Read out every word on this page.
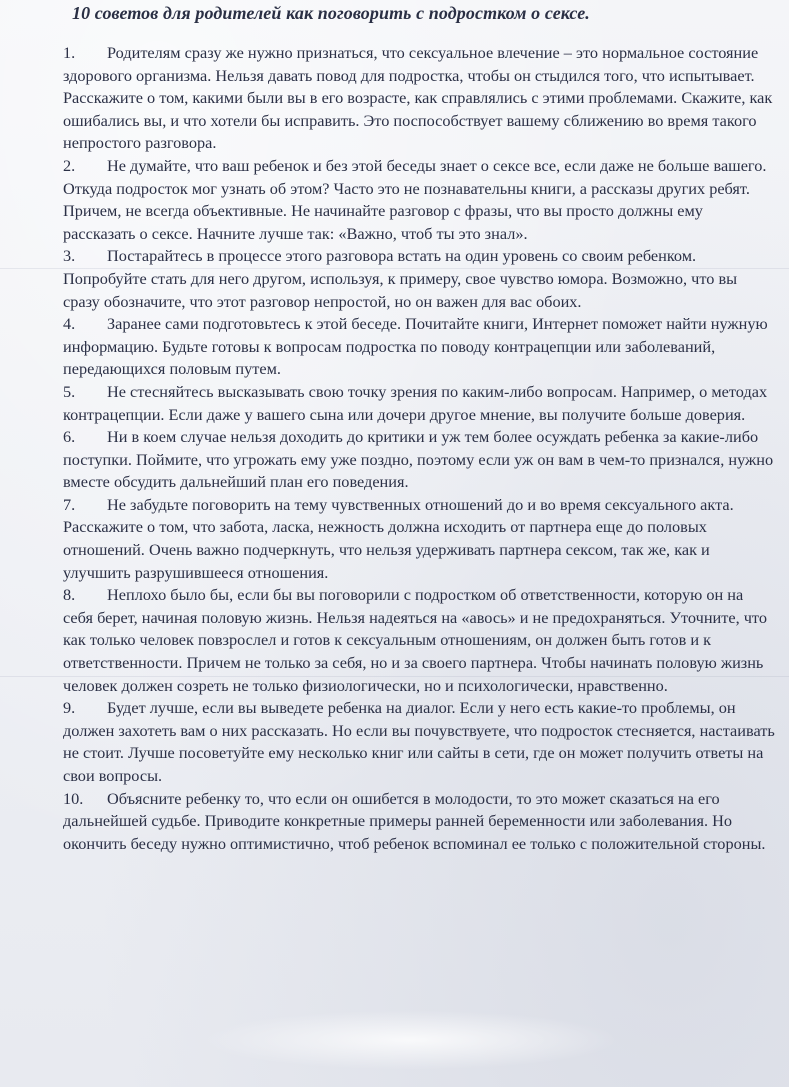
10 советов для родителей как поговорить с подростком о сексе.
1. Родителям сразу же нужно признаться, что сексуальное влечение – это нормальное состояние здорового организма. Нельзя давать повод для подростка, чтобы он стыдился того, что испытывает. Расскажите о том, какими были вы в его возрасте, как справлялись с этими проблемами. Скажите, как ошибались вы, и что хотели бы исправить. Это поспособствует вашему сближению во время такого непростого разговора.
2. Не думайте, что ваш ребенок и без этой беседы знает о сексе все, если даже не больше вашего. Откуда подросток мог узнать об этом? Часто это не познавательны книги, а рассказы других ребят. Причем, не всегда объективные. Не начинайте разговор с фразы, что вы просто должны ему рассказать о сексе. Начните лучше так: «Важно, чтоб ты это знал».
3. Постарайтесь в процессе этого разговора встать на один уровень со своим ребенком. Попробуйте стать для него другом, используя, к примеру, свое чувство юмора. Возможно, что вы сразу обозначите, что этот разговор непростой, но он важен для вас обоих.
4. Заранее сами подготовьтесь к этой беседе. Почитайте книги, Интернет поможет найти нужную информацию. Будьте готовы к вопросам подростка по поводу контрацепции или заболеваний, передающихся половым путем.
5. Не стесняйтесь высказывать свою точку зрения по каким-либо вопросам. Например, о методах контрацепции. Если даже у вашего сына или дочери другое мнение, вы получите больше доверия.
6. Ни в коем случае нельзя доходить до критики и уж тем более осуждать ребенка за какие-либо поступки. Поймите, что угрожать ему уже поздно, поэтому если уж он вам в чем-то признался, нужно вместе обсудить дальнейший план его поведения.
7. Не забудьте поговорить на тему чувственных отношений до и во время сексуального акта. Расскажите о том, что забота, ласка, нежность должна исходить от партнера еще до половых отношений. Очень важно подчеркнуть, что нельзя удерживать партнера сексом, так же, как и улучшить разрушившееся отношения.
8. Неплохо было бы, если бы вы поговорили с подростком об ответственности, которую он на себя берет, начиная половую жизнь. Нельзя надеяться на «авось» и не предохраняться. Уточните, что как только человек повзрослел и готов к сексуальным отношениям, он должен быть готов и к ответственности. Причем не только за себя, но и за своего партнера. Чтобы начинать половую жизнь человек должен созреть не только физиологически, но и психологически, нравственно.
9. Будет лучше, если вы выведете ребенка на диалог. Если у него есть какие-то проблемы, он должен захотеть вам о них рассказать. Но если вы почувствуете, что подросток стесняется, настаивать не стоит. Лучше посоветуйте ему несколько книг или сайты в сети, где он может получить ответы на свои вопросы.
10. Объясните ребенку то, что если он ошибется в молодости, то это может сказаться на его дальнейшей судьбе. Приводите конкретные примеры ранней беременности или заболевания. Но окончить беседу нужно оптимистично, чтоб ребенок вспоминал ее только с положительной стороны.
